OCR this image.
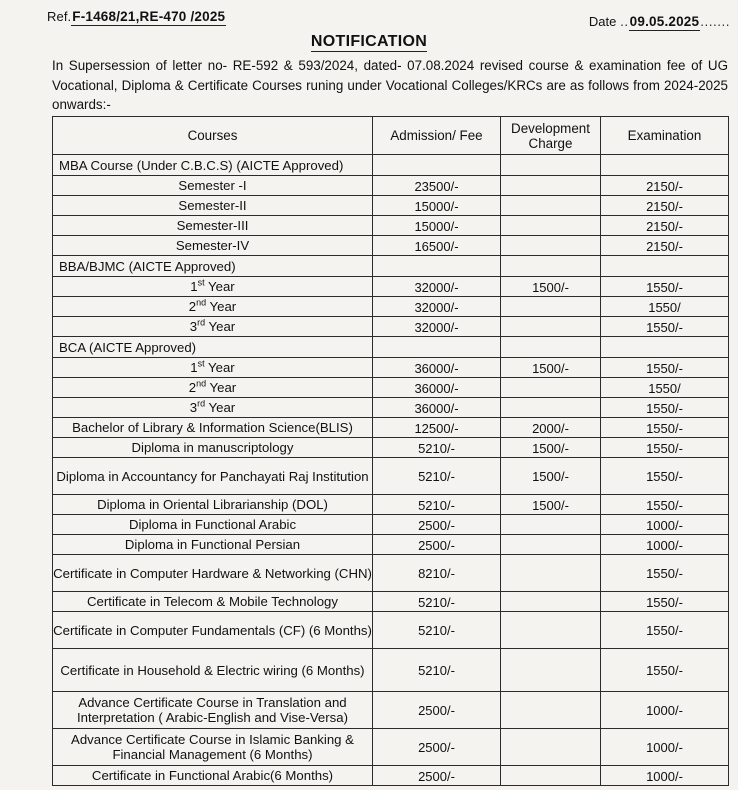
Ref.F-1468/21,RE-470 /2025	Date ..09.05.2025.......
NOTIFICATION
In Supersession of letter no- RE-592 & 593/2024, dated- 07.08.2024 revised course & examination fee of UG Vocational, Diploma & Certificate Courses runing under Vocational Colleges/KRCs are as follows from 2024-2025 onwards:-
Courses	Admission/ Fee	Development Charge	Examination
MBA Course (Under C.B.C.S) (AICTE Approved)			
Semester -I	23500/-		2150/-
Semester-II	15000/-		2150/-
Semester-III	15000/-		2150/-
Semester-IV	16500/-		2150/-
BBA/BJMC (AICTE Approved)			
1st Year	32000/-	1500/-	1550/-
2nd Year	32000/-		1550/
3rd Year	32000/-		1550/-
BCA (AICTE Approved)			
1st Year	36000/-	1500/-	1550/-
2nd Year	36000/-		1550/
3rd Year	36000/-		1550/-
Bachelor of Library & Information Science(BLIS)	12500/-	2000/-	1550/-
Diploma in manuscriptology	5210/-	1500/-	1550/-
Diploma in Accountancy for Panchayati Raj Institution	5210/-	1500/-	1550/-
Diploma in Oriental Librarianship (DOL)	5210/-	1500/-	1550/-
Diploma in Functional Arabic	2500/-		1000/-
Diploma in Functional Persian	2500/-		1000/-
Certificate in Computer Hardware & Networking (CHN)	8210/-		1550/-
Certificate in Telecom & Mobile Technology	5210/-		1550/-
Certificate in Computer Fundamentals (CF) (6 Months)	5210/-		1550/-
Certificate in Household & Electric wiring (6 Months)	5210/-		1550/-
Advance Certificate Course in Translation and Interpretation ( Arabic-English and Vise-Versa)	2500/-		1000/-
Advance Certificate Course in Islamic Banking & Financial Management (6 Months)	2500/-		1000/-
Certificate in Functional Arabic(6 Months)	2500/-		1000/-
